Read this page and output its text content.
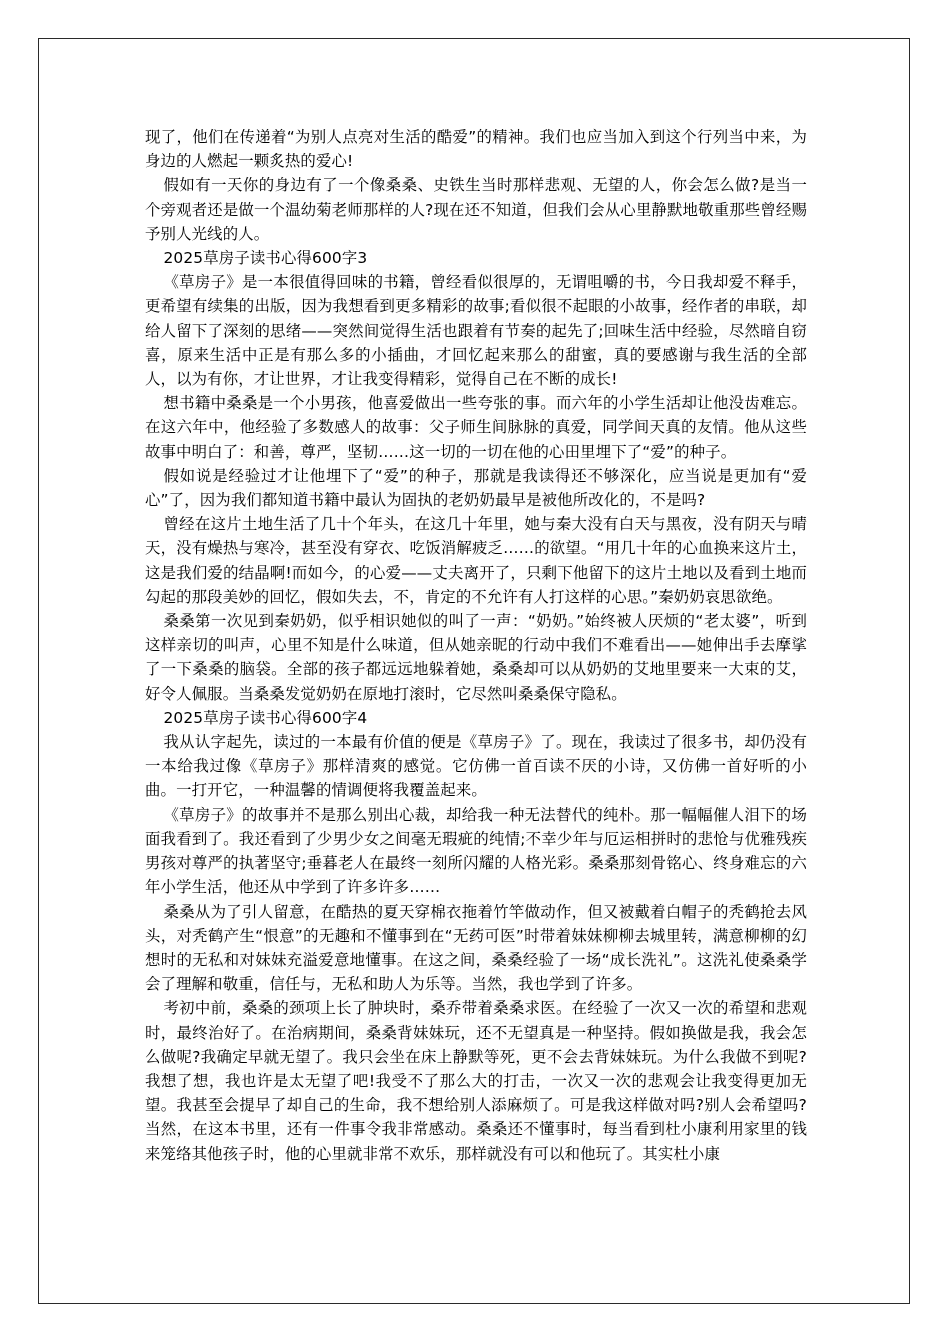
现了，他们在传递着“为别人点亮对生活的酷爱”的精神。我们也应当加入到这个行列当中来，为身边的人燃起一颗炙热的爱心!

假如有一天你的身边有了一个像桑桑、史铁生当时那样悲观、无望的人，你会怎么做?是当一个旁观者还是做一个温幼菊老师那样的人?现在还不知道，但我们会从心里静默地敬重那些曾经赐予别人光线的人。

2025草房子读书心得600字3

《草房子》是一本很值得回味的书籍，曾经看似很厚的，无谓咀嚼的书，今日我却爱不释手，更希望有续集的出版，因为我想看到更多精彩的故事;看似很不起眼的小故事，经作者的串联，却给人留下了深刻的思绪——突然间觉得生活也跟着有节奏的起先了;回味生活中经验，尽然暗自窃喜，原来生活中正是有那么多的小插曲，才回忆起来那么的甜蜜，真的要感谢与我生活的全部人，以为有你，才让世界，才让我变得精彩，觉得自己在不断的成长!

想书籍中桑桑是一个小男孩，他喜爱做出一些夸张的事。而六年的小学生活却让他没齿难忘。在这六年中，他经验了多数感人的故事：父子师生间脉脉的真爱，同学间天真的友情。他从这些故事中明白了：和善，尊严，坚韧……这一切的一切在他的心田里埋下了“爱”的种子。

假如说是经验过才让他埋下了“爱”的种子，那就是我读得还不够深化，应当说是更加有“爱心”了，因为我们都知道书籍中最认为固执的老奶奶最早是被他所改化的，不是吗?

曾经在这片土地生活了几十个年头，在这几十年里，她与秦大没有白天与黑夜，没有阴天与晴天，没有燥热与寒冷，甚至没有穿衣、吃饭消解疲乏……的欲望。“用几十年的心血换来这片土，这是我们爱的结晶啊!而如今，的心爱——丈夫离开了，只剩下他留下的这片土地以及看到土地而勾起的那段美妙的回忆，假如失去，不，肯定的不允许有人打这样的心思。”秦奶奶哀思欲绝。

桑桑第一次见到秦奶奶，似乎相识她似的叫了一声：“奶奶。”始终被人厌烦的“老太婆”，听到这样亲切的叫声，心里不知是什么味道，但从她亲昵的行动中我们不难看出——她伸出手去摩挲了一下桑桑的脑袋。全部的孩子都远远地躲着她，桑桑却可以从奶奶的艾地里要来一大束的艾，好令人佩服。当桑桑发觉奶奶在原地打滚时，它尽然叫桑桑保守隐私。

2025草房子读书心得600字4

我从认字起先，读过的一本最有价值的便是《草房子》了。现在，我读过了很多书，却仍没有一本给我过像《草房子》那样清爽的感觉。它仿佛一首百读不厌的小诗，又仿佛一首好听的小曲。一打开它，一种温馨的情调便将我覆盖起来。

《草房子》的故事并不是那么别出心裁，却给我一种无法替代的纯朴。那一幅幅催人泪下的场面我看到了。我还看到了少男少女之间毫无瑕疵的纯情;不幸少年与厄运相拼时的悲怆与优雅残疾男孩对尊严的执著坚守;垂暮老人在最终一刻所闪耀的人格光彩。桑桑那刻骨铭心、终身难忘的六年小学生活，他还从中学到了许多许多……

桑桑从为了引人留意，在酷热的夏天穿棉衣拖着竹竿做动作，但又被戴着白帽子的秃鹤抢去风头，对秃鹤产生“恨意”的无趣和不懂事到在“无药可医”时带着妹妹柳柳去城里转，满意柳柳的幻想时的无私和对妹妹充溢爱意地懂事。在这之间，桑桑经验了一场“成长洗礼”。这洗礼使桑桑学会了理解和敬重，信任与，无私和助人为乐等。当然，我也学到了许多。

考初中前，桑桑的颈项上长了肿块时，桑乔带着桑桑求医。在经验了一次又一次的希望和悲观时，最终治好了。在治病期间，桑桑背妹妹玩，还不无望真是一种坚持。假如换做是我，我会怎么做呢?我确定早就无望了。我只会坐在床上静默等死，更不会去背妹妹玩。为什么我做不到呢?我想了想，我也许是太无望了吧!我受不了那么大的打击，一次又一次的悲观会让我变得更加无望。我甚至会提早了却自己的生命，我不想给别人添麻烦了。可是我这样做对吗?别人会希望吗?当然，在这本书里，还有一件事令我非常感动。桑桑还不懂事时，每当看到杜小康利用家里的钱来笼络其他孩子时，他的心里就非常不欢乐，那样就没有可以和他玩了。其实杜小康
